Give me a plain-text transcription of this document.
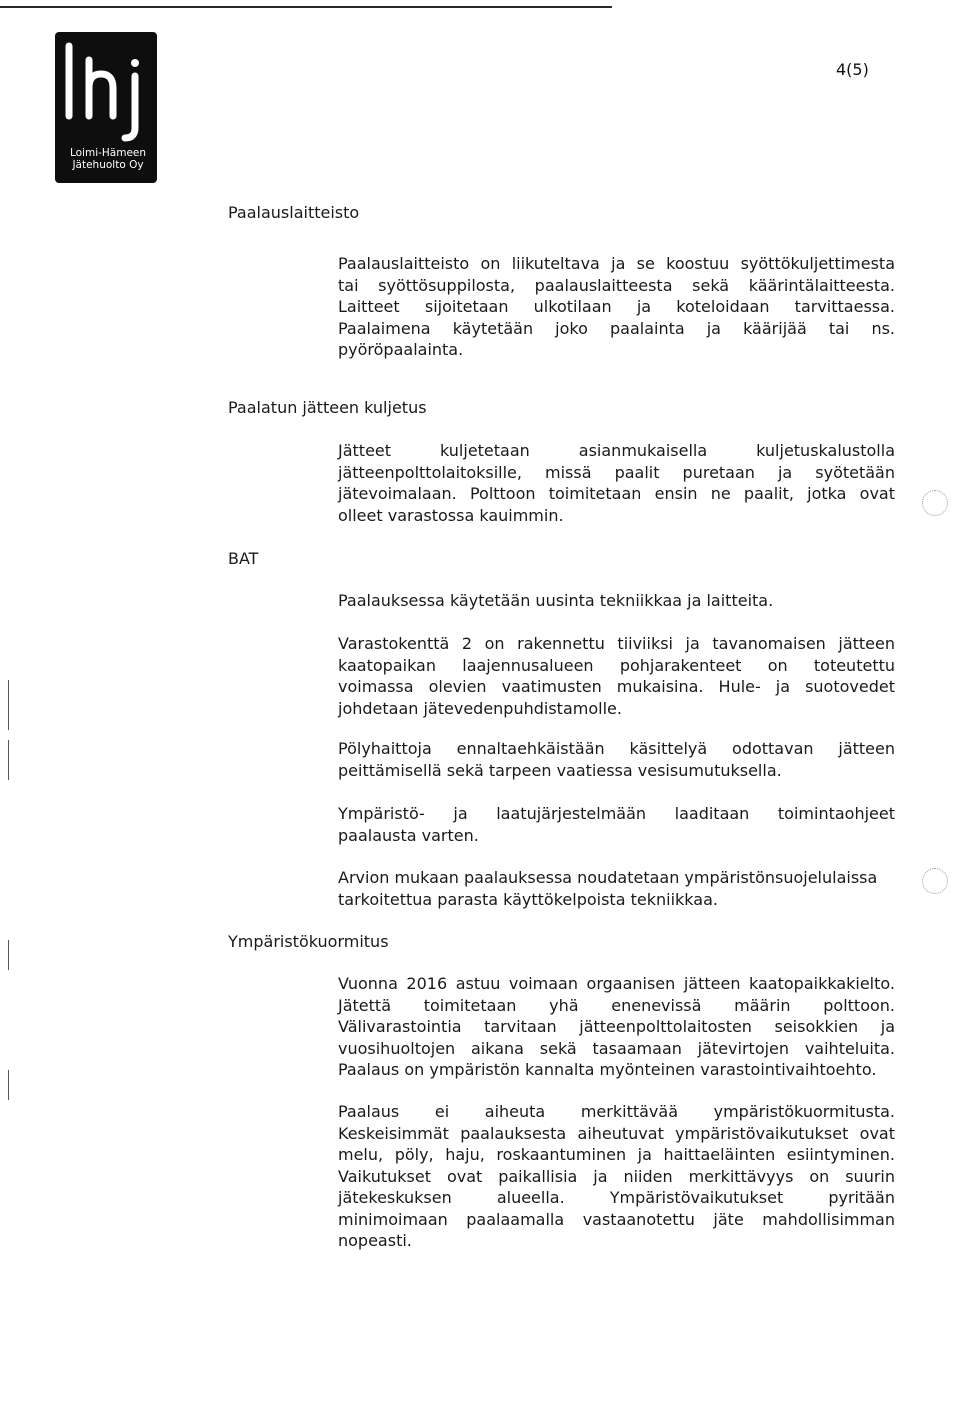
Loimi-Hämeen
Jätehuolto Oy
4(5)
Paalauslaitteisto
Paalauslaitteisto on liikuteltava ja se koostuu syöttökuljettimesta
tai syöttösuppilosta, paalauslaitteesta sekä käärintälaitteesta.
Laitteet sijoitetaan ulkotilaan ja koteloidaan tarvittaessa.
Paalaimena käytetään joko paalainta ja käärijää tai ns.
pyöröpaalainta.
Paalatun jätteen kuljetus
Jätteet kuljetetaan asianmukaisella kuljetuskalustolla
jätteenpolttolaitoksille, missä paalit puretaan ja syötetään
jätevoimalaan. Polttoon toimitetaan ensin ne paalit, jotka ovat
olleet varastossa kauimmin.
BAT
Paalauksessa käytetään uusinta tekniikkaa ja laitteita.
Varastokenttä 2 on rakennettu tiiviiksi ja tavanomaisen jätteen
kaatopaikan laajennusalueen pohjarakenteet on toteutettu
voimassa olevien vaatimusten mukaisina. Hule- ja suotovedet
johdetaan jätevedenpuhdistamolle.
Pölyhaittoja ennaltaehkäistään käsittelyä odottavan jätteen
peittämisellä sekä tarpeen vaatiessa vesisumutuksella.
Ympäristö- ja laatujärjestelmään laaditaan toimintaohjeet
paalausta varten.
Arvion mukaan paalauksessa noudatetaan ympäristönsuojelulaissa
tarkoitettua parasta käyttökelpoista tekniikkaa.
Ympäristökuormitus
Vuonna 2016 astuu voimaan orgaanisen jätteen kaatopaikkakielto.
Jätettä toimitetaan yhä enenevissä määrin polttoon.
Välivarastointia tarvitaan jätteenpolttolaitosten seisokkien ja
vuosihuoltojen aikana sekä tasaamaan jätevirtojen vaihteluita.
Paalaus on ympäristön kannalta myönteinen varastointivaihtoehto.
Paalaus ei aiheuta merkittävää ympäristökuormitusta.
Keskeisimmät paalauksesta aiheutuvat ympäristövaikutukset ovat
melu, pöly, haju, roskaantuminen ja haittaeläinten esiintyminen.
Vaikutukset ovat paikallisia ja niiden merkittävyys on suurin
jätekeskuksen alueella. Ympäristövaikutukset pyritään
minimoimaan paalaamalla vastaanotettu jäte mahdollisimman
nopeasti.
